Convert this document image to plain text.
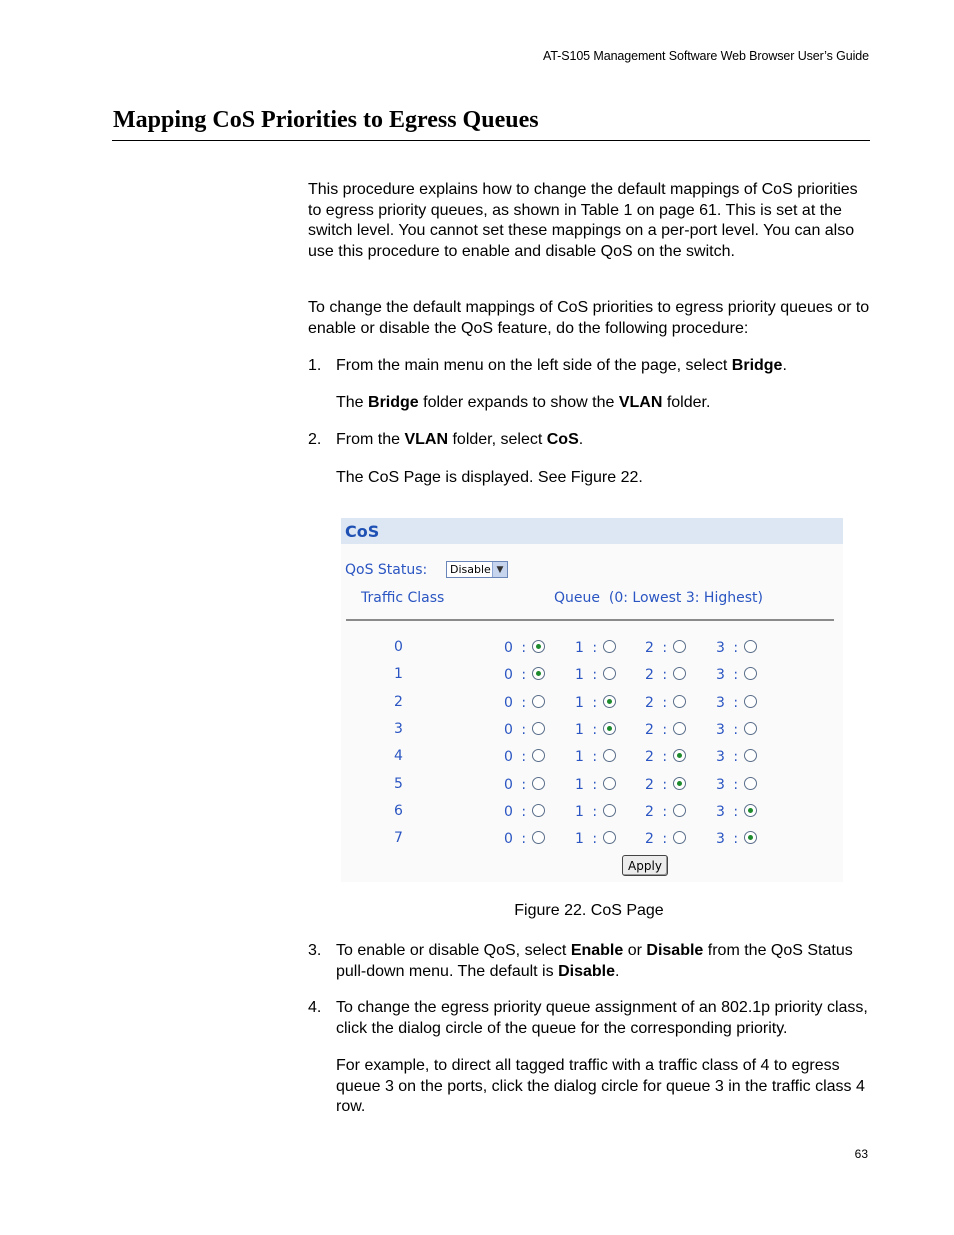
AT-S105 Management Software Web Browser User’s Guide
Mapping CoS Priorities to Egress Queues
This procedure explains how to change the default mappings of CoS priorities to egress priority queues, as shown in Table 1 on page 61. This is set at the switch level. You cannot set these mappings on a per-port level. You can also use this procedure to enable and disable QoS on the switch.
To change the default mappings of CoS priorities to egress priority queues or to enable or disable the QoS feature, do the following procedure:
1. From the main menu on the left side of the page, select Bridge.
The Bridge folder expands to show the VLAN folder.
2. From the VLAN folder, select CoS.
The CoS Page is displayed. See Figure 22.
CoS
QoS Status: Disable ▼
Traffic Class	Queue  (0: Lowest 3: Highest)
0	0 :	1 :	2 :	3 :
1	0 :	1 :	2 :	3 :
2	0 :	1 :	2 :	3 :
3	0 :	1 :	2 :	3 :
4	0 :	1 :	2 :	3 :
5	0 :	1 :	2 :	3 :
6	0 :	1 :	2 :	3 :
7	0 :	1 :	2 :	3 :
Apply
Figure 22. CoS Page
3. To enable or disable QoS, select Enable or Disable from the QoS Status pull-down menu. The default is Disable.
4. To change the egress priority queue assignment of an 802.1p priority class, click the dialog circle of the queue for the corresponding priority.
For example, to direct all tagged traffic with a traffic class of 4 to egress queue 3 on the ports, click the dialog circle for queue 3 in the traffic class 4 row.
63
